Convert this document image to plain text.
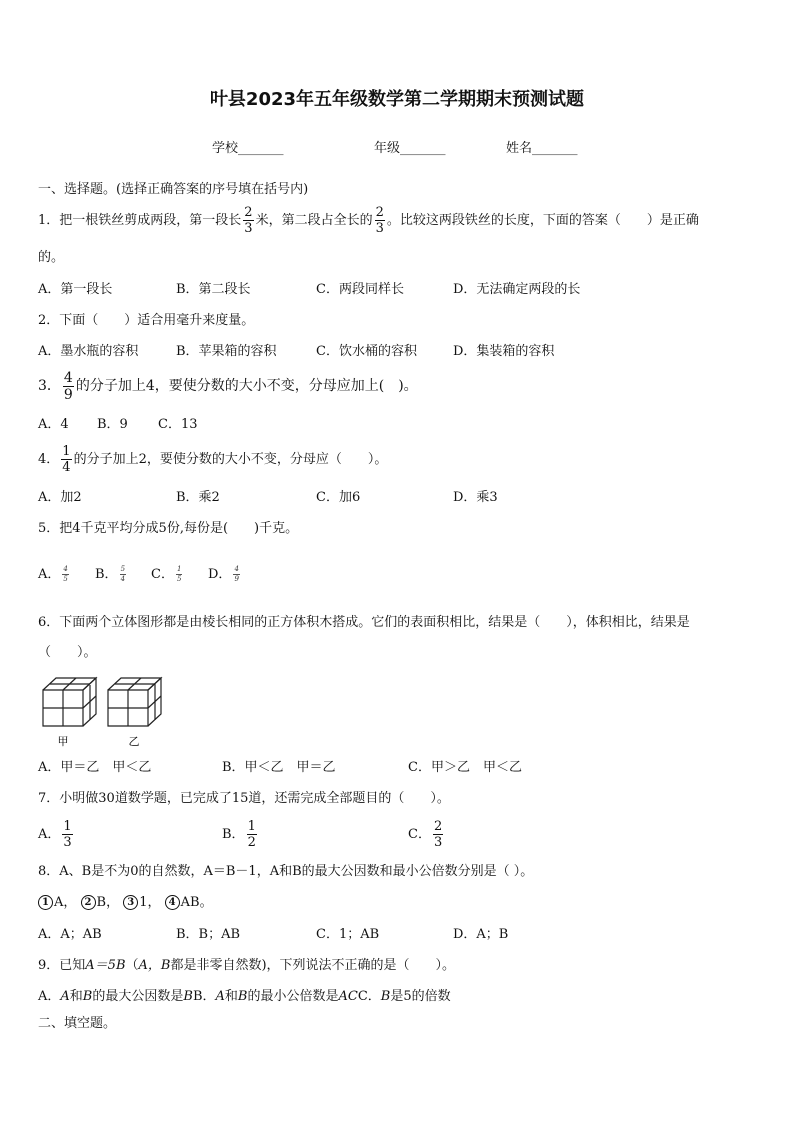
叶县2023年五年级数学第二学期期末预测试题
学校_______	年级_______	姓名_______
一、选择题。(选择正确答案的序号填在括号内)
1．把一根铁丝剪成两段，第一段长 $\frac{2}{3}$ 米，第二段占全长的 $\frac{2}{3}$ 。比较这两段铁丝的长度，下面的答案（　　）是正确
的。
A．第一段长	B．第二段长	C．两段同样长	D．无法确定两段的长
2．下面（　　）适合用毫升来度量。
A．墨水瓶的容积	B．苹果箱的容积	C．饮水桶的容积	D．集装箱的容积
3． $\frac{4}{9}$ 的分子加上4，要使分数的大小不变，分母应加上(　)。
A．4 B．9 C．13
4． $\frac{1}{4}$ 的分子加上2，要使分数的大小不变，分母应（　　）。
A．加2	B．乘2	C．加6	D．乘3
5．把4千克平均分成5份,每份是(　　)千克。
A． $\frac{4}{5}$ B． $\frac{5}{4}$ C． $\frac{1}{5}$ D． $\frac{4}{9}$
6．下面两个立体图形都是由棱长相同的正方体积木搭成。它们的表面积相比，结果是（　　），体积相比，结果是
（　　）。
甲	乙
A．甲＝乙　甲＜乙	B．甲＜乙　甲＝乙	C．甲＞乙　甲＜乙
7．小明做30道数学题，已完成了15道，还需完成全部题目的（　　）。
A． $\frac{1}{3}$	B． $\frac{1}{2}$	C． $\frac{2}{3}$
8．A、B是不为0的自然数，A＝B－1，A和B的最大公因数和最小公倍数分别是（ ）。
1 A， 2 B， 3 1， 4 AB。
A．A；AB	B．B；AB	C．1；AB	D．A；B
9．已知A＝5B（A，B都是非零自然数)，下列说法不正确的是（　　）。
A．A和B的最大公因数是BB．A和B的最小公倍数是ACC．B是5的倍数
二、填空题。
